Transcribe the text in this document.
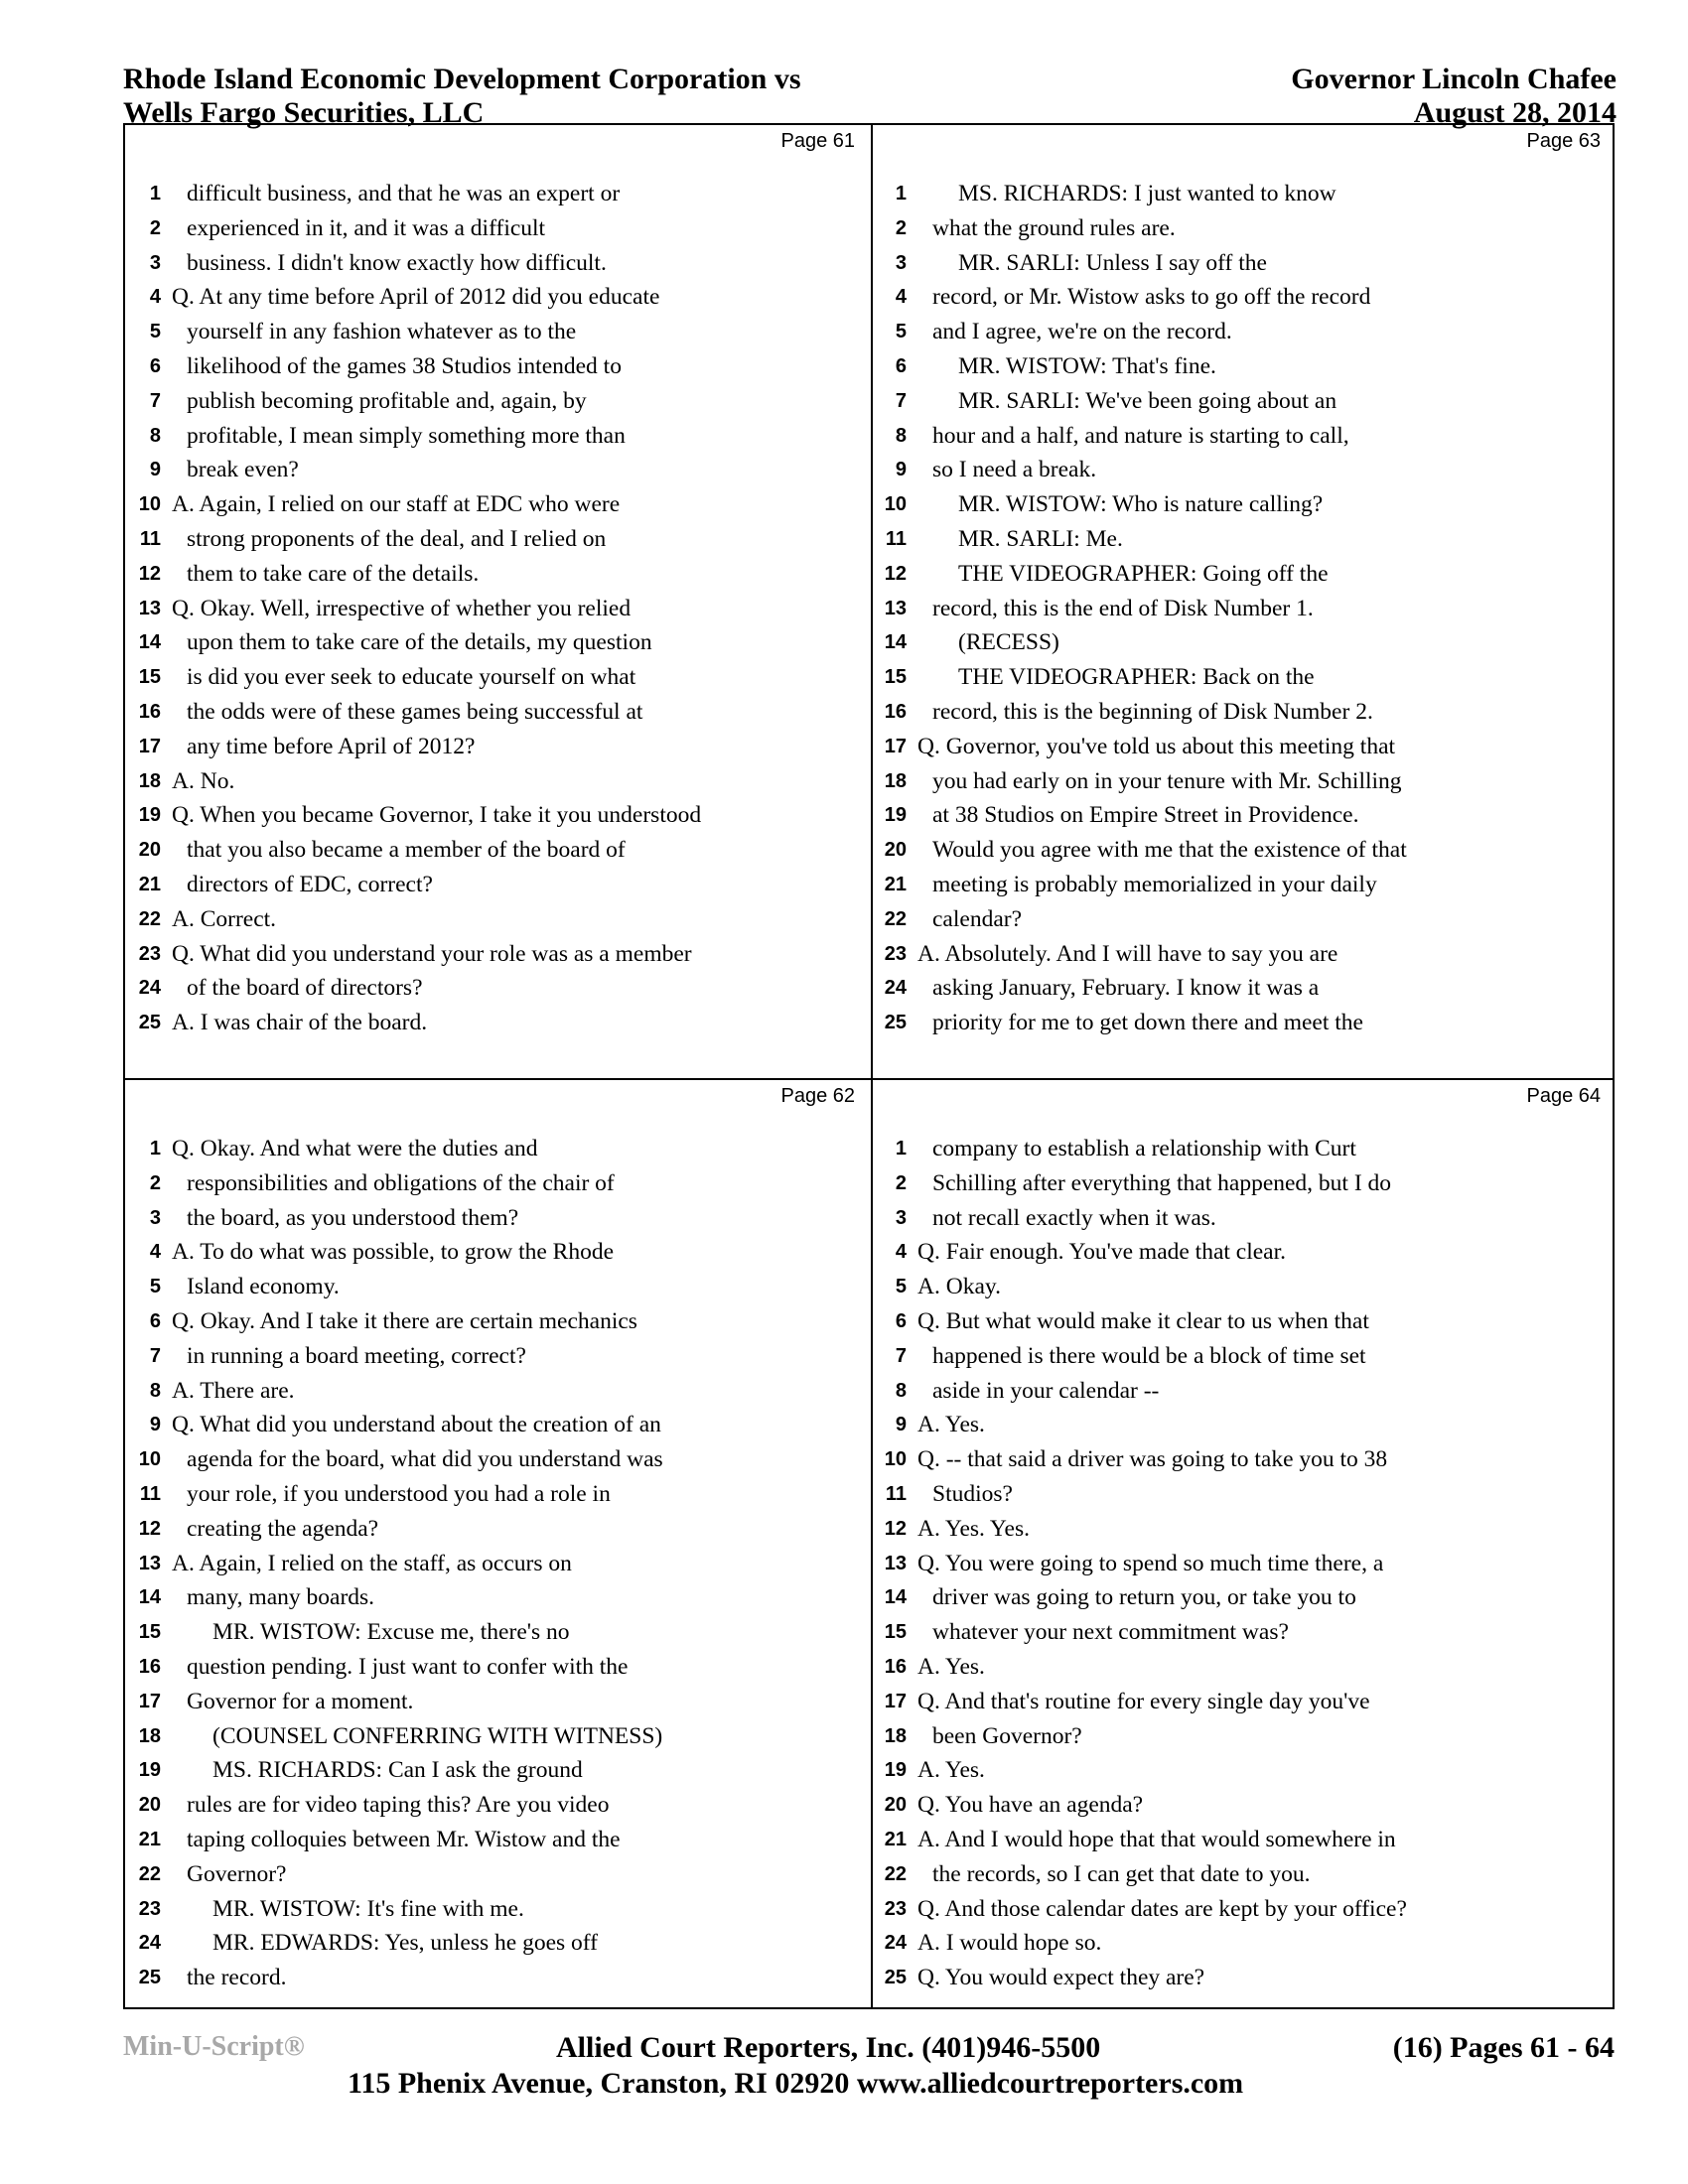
Rhode Island Economic Development Corporation vs
Wells Fargo Securities, LLC
Governor Lincoln Chafee
August 28, 2014
Page 61
1 difficult business, and that he was an expert or
2 experienced in it, and it was a difficult
3 business. I didn't know exactly how difficult.
4 Q. At any time before April of 2012 did you educate
5 yourself in any fashion whatever as to the
6 likelihood of the games 38 Studios intended to
7 publish becoming profitable and, again, by
8 profitable, I mean simply something more than
9 break even?
10 A. Again, I relied on our staff at EDC who were
11 strong proponents of the deal, and I relied on
12 them to take care of the details.
13 Q. Okay. Well, irrespective of whether you relied
14 upon them to take care of the details, my question
15 is did you ever seek to educate yourself on what
16 the odds were of these games being successful at
17 any time before April of 2012?
18 A. No.
19 Q. When you became Governor, I take it you understood
20 that you also became a member of the board of
21 directors of EDC, correct?
22 A. Correct.
23 Q. What did you understand your role was as a member
24 of the board of directors?
25 A. I was chair of the board.
Page 63
1	MS. RICHARDS: I just wanted to know
2 what the ground rules are.
3	MR. SARLI: Unless I say off the
4 record, or Mr. Wistow asks to go off the record
5 and I agree, we're on the record.
6	MR. WISTOW: That's fine.
7	MR. SARLI: We've been going about an
8 hour and a half, and nature is starting to call,
9 so I need a break.
10	MR. WISTOW: Who is nature calling?
11	MR. SARLI: Me.
12	THE VIDEOGRAPHER: Going off the
13 record, this is the end of Disk Number 1.
14	(RECESS)
15	THE VIDEOGRAPHER: Back on the
16 record, this is the beginning of Disk Number 2.
17 Q. Governor, you've told us about this meeting that
18 you had early on in your tenure with Mr. Schilling
19 at 38 Studios on Empire Street in Providence.
20 Would you agree with me that the existence of that
21 meeting is probably memorialized in your daily
22 calendar?
23 A. Absolutely. And I will have to say you are
24 asking January, February. I know it was a
25 priority for me to get down there and meet the
Page 62
1 Q. Okay. And what were the duties and
2 responsibilities and obligations of the chair of
3 the board, as you understood them?
4 A. To do what was possible, to grow the Rhode
5 Island economy.
6 Q. Okay. And I take it there are certain mechanics
7 in running a board meeting, correct?
8 A. There are.
9 Q. What did you understand about the creation of an
10 agenda for the board, what did you understand was
11 your role, if you understood you had a role in
12 creating the agenda?
13 A. Again, I relied on the staff, as occurs on
14 many, many boards.
15	MR. WISTOW: Excuse me, there's no
16 question pending. I just want to confer with the
17 Governor for a moment.
18	(COUNSEL CONFERRING WITH WITNESS)
19	MS. RICHARDS: Can I ask the ground
20 rules are for video taping this? Are you video
21 taping colloquies between Mr. Wistow and the
22 Governor?
23	MR. WISTOW: It's fine with me.
24	MR. EDWARDS: Yes, unless he goes off
25 the record.
Page 64
1 company to establish a relationship with Curt
2 Schilling after everything that happened, but I do
3 not recall exactly when it was.
4 Q. Fair enough. You've made that clear.
5 A. Okay.
6 Q. But what would make it clear to us when that
7 happened is there would be a block of time set
8 aside in your calendar --
9 A. Yes.
10 Q. -- that said a driver was going to take you to 38
11 Studios?
12 A. Yes. Yes.
13 Q. You were going to spend so much time there, a
14 driver was going to return you, or take you to
15 whatever your next commitment was?
16 A. Yes.
17 Q. And that's routine for every single day you've
18 been Governor?
19 A. Yes.
20 Q. You have an agenda?
21 A. And I would hope that that would somewhere in
22 the records, so I can get that date to you.
23 Q. And those calendar dates are kept by your office?
24 A. I would hope so.
25 Q. You would expect they are?
Min-U-Script®	Allied Court Reporters, Inc. (401)946-5500	(16) Pages 61 - 64
115 Phenix Avenue, Cranston, RI 02920 www.alliedcourtreporters.com
